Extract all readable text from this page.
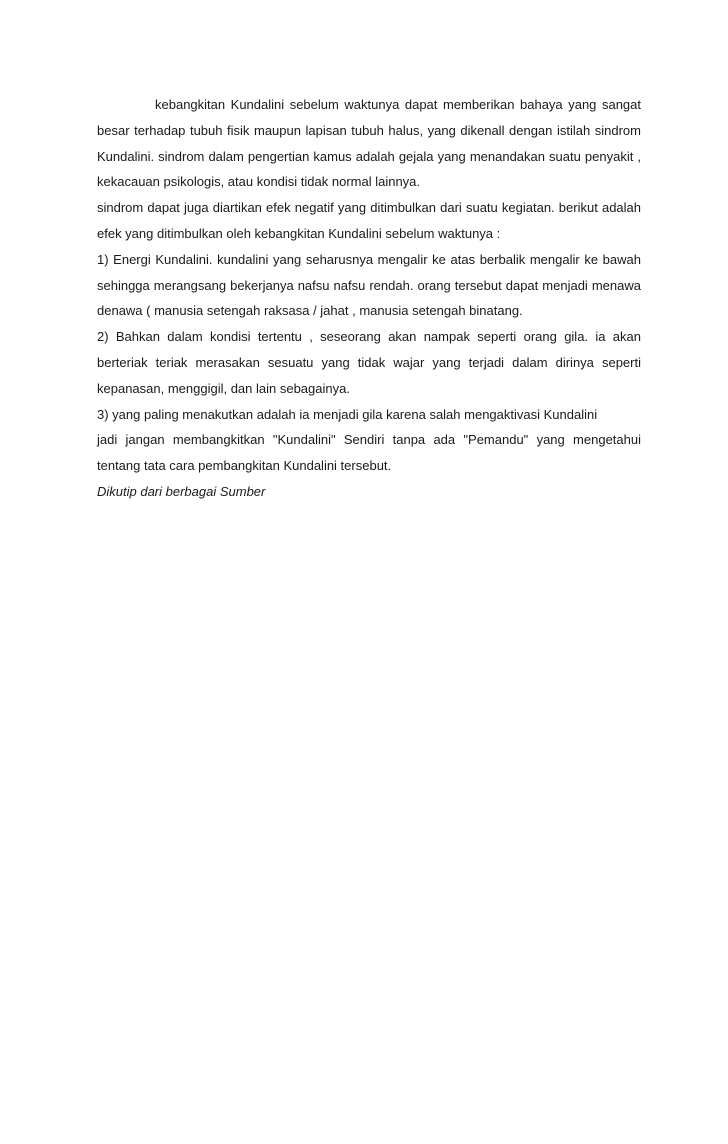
kebangkitan Kundalini sebelum waktunya dapat memberikan bahaya yang sangat besar terhadap tubuh fisik maupun lapisan tubuh halus, yang dikenall dengan istilah sindrom Kundalini. sindrom dalam pengertian kamus adalah gejala yang menandakan suatu penyakit , kekacauan psikologis, atau kondisi tidak normal lainnya.

sindrom dapat juga diartikan efek negatif yang ditimbulkan dari suatu kegiatan. berikut adalah efek yang ditimbulkan oleh kebangkitan Kundalini sebelum waktunya :

1) Energi Kundalini. kundalini yang seharusnya mengalir ke atas berbalik mengalir ke bawah sehingga merangsang bekerjanya nafsu nafsu rendah. orang tersebut dapat menjadi menawa denawa ( manusia setengah raksasa / jahat , manusia setengah binatang.

2) Bahkan dalam kondisi tertentu , seseorang akan nampak seperti orang gila. ia akan berteriak teriak merasakan sesuatu yang tidak wajar yang terjadi dalam dirinya seperti kepanasan, menggigil, dan lain sebagainya.

3) yang paling menakutkan adalah ia menjadi gila karena salah mengaktivasi Kundalini

jadi jangan membangkitkan "Kundalini" Sendiri tanpa ada "Pemandu" yang mengetahui tentang tata cara pembangkitan Kundalini tersebut.

Dikutip dari berbagai Sumber
